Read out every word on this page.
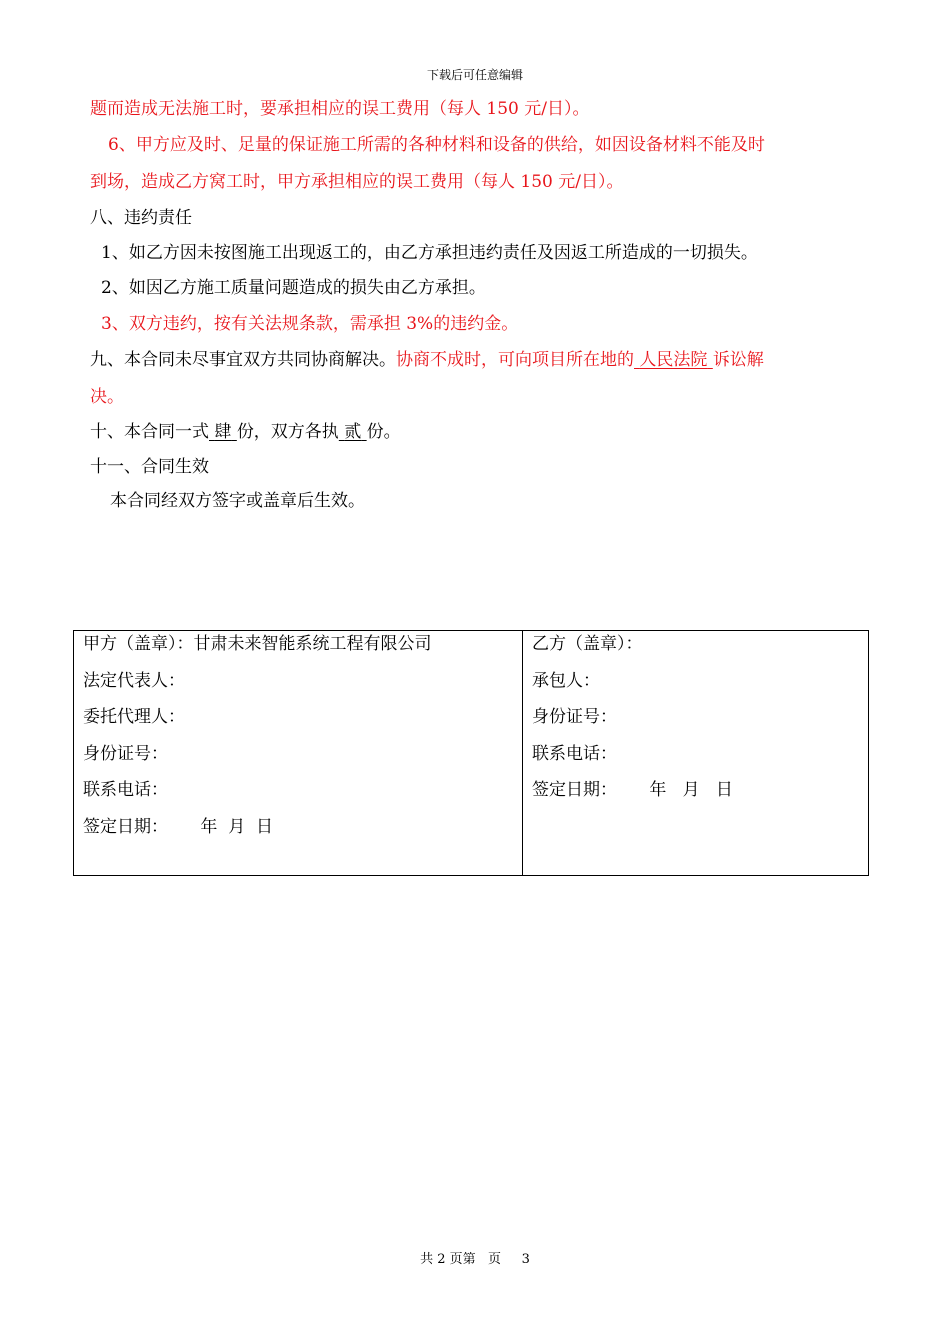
下载后可任意编辑
题而造成无法施工时，要承担相应的误工费用（每人 150 元/日）。
6、甲方应及时、足量的保证施工所需的各种材料和设备的供给，如因设备材料不能及时
到场，造成乙方窝工时，甲方承担相应的误工费用（每人 150 元/日）。
八、违约责任
1、如乙方因未按图施工出现返工的，由乙方承担违约责任及因返工所造成的一切损失。
2、如因乙方施工质量问题造成的损失由乙方承担。
3、双方违约，按有关法规条款，需承担 3%的违约金。
九、本合同未尽事宜双方共同协商解决。协商不成时，可向项目所在地的 人民法院 诉讼解
决。
十、本合同一式 肆 份，双方各执 贰 份。
十一、合同生效
本合同经双方签字或盖章后生效。
甲方（盖章）：甘肃未来智能系统工程有限公司
法定代表人：
委托代理人：
身份证号：
联系电话：
签定日期：      年  月  日

乙方（盖章）：
承包人：
身份证号：
联系电话：
签定日期：      年   月   日
共 2 页第   页     3
